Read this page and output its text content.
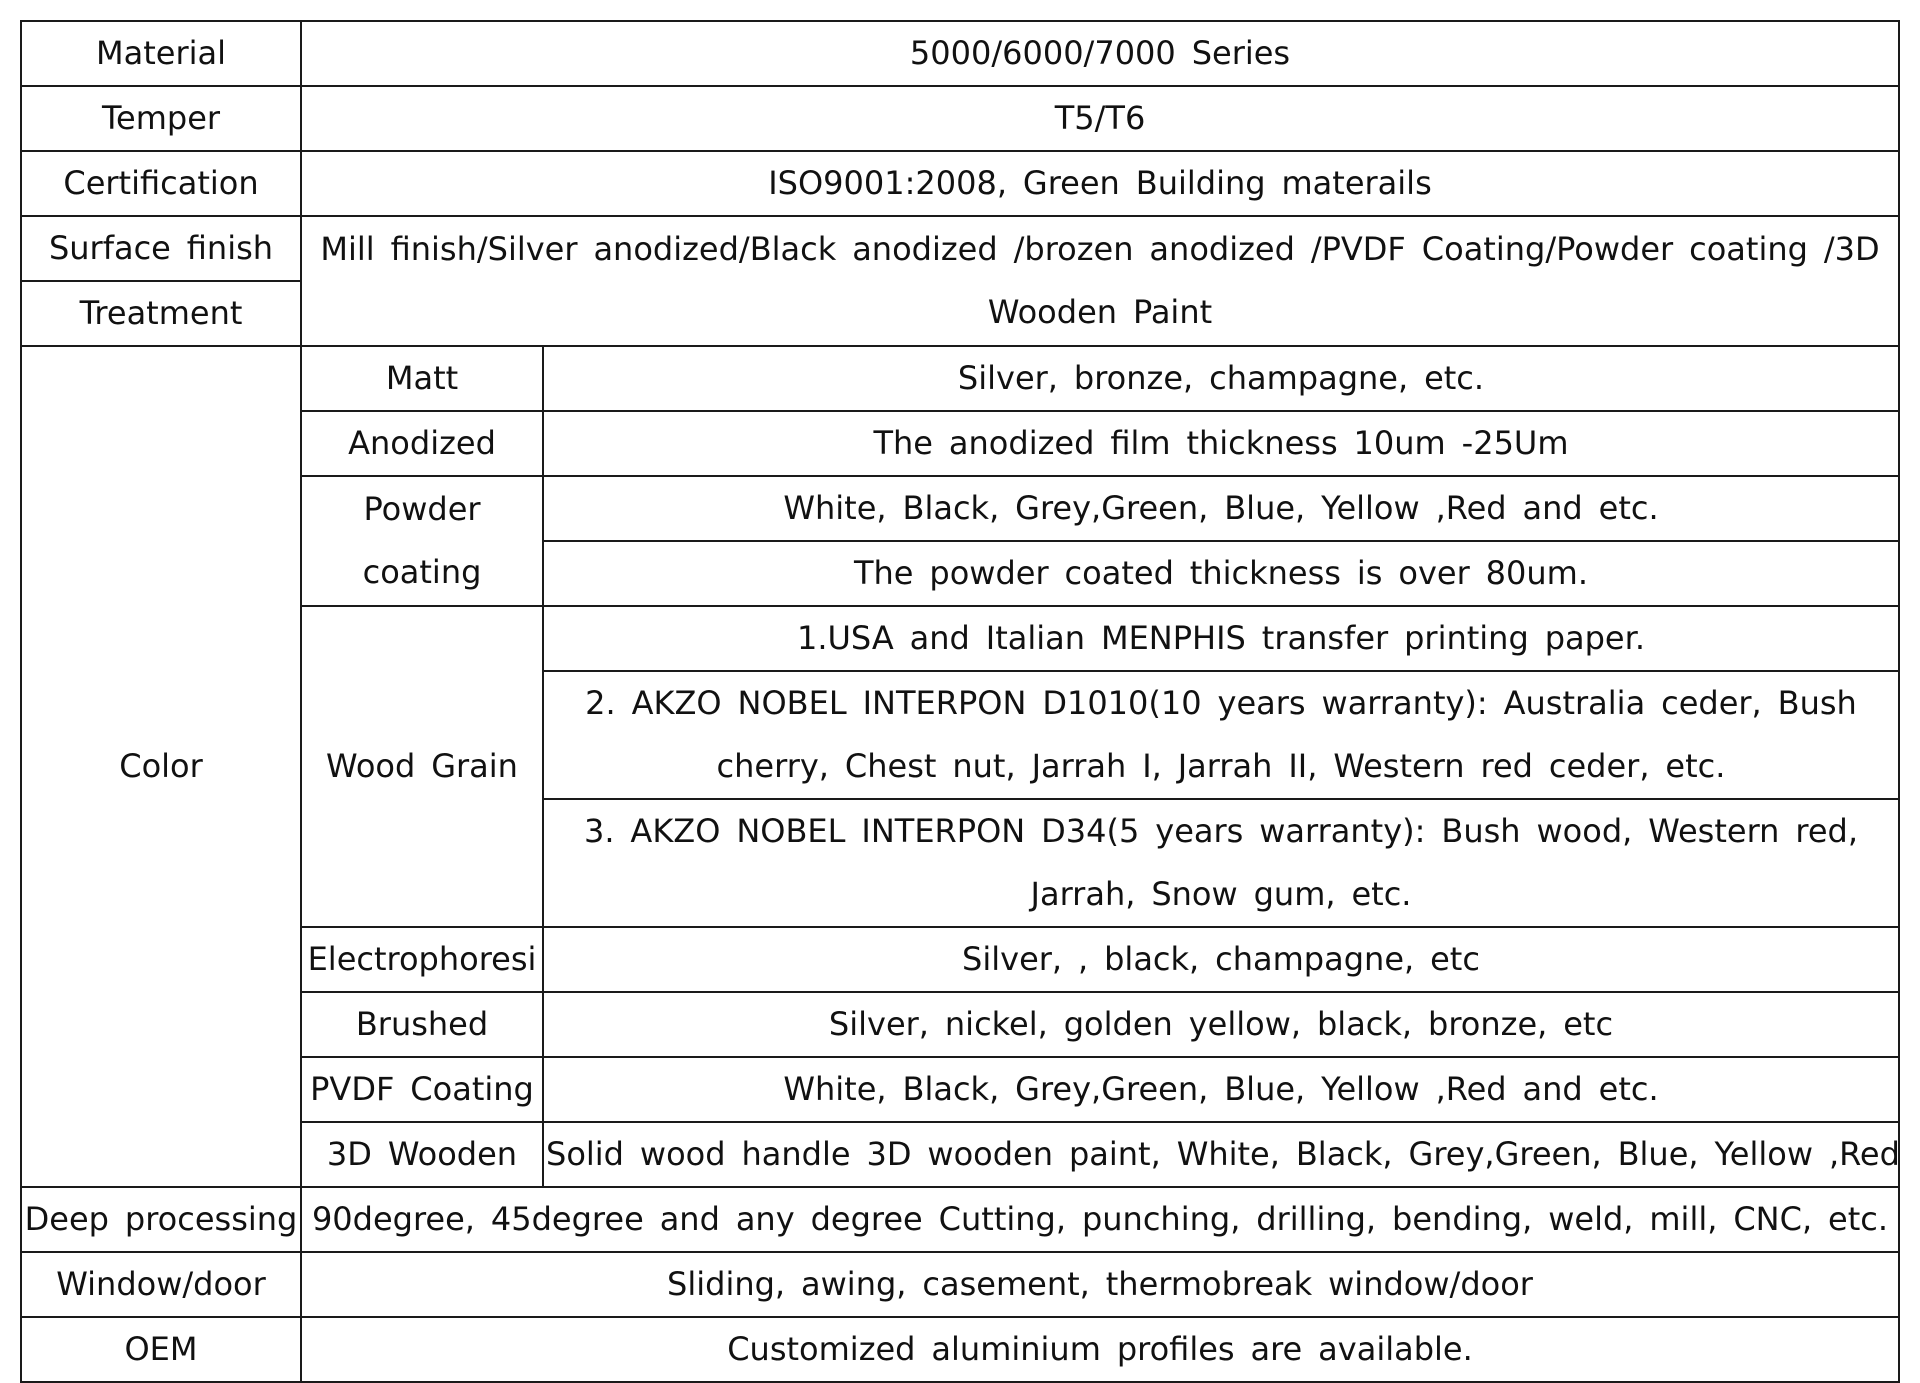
Material	5000/6000/7000 Series	
Temper	T5/T6	
Certification	ISO9001:2008, Green Building materails	
Surface finish	Mill finish/Silver anodized/Black anodized /brozen anodized /PVDF Coating/Powder coating /3D Wooden Paint	
Treatment		
Color	Matt	Silver, bronze, champagne, etc.
	Anodized	The anodized film thickness 10um -25Um
	Powder coating	White, Black, Grey,Green, Blue, Yellow ,Red and etc.
		The powder coated thickness is over 80um.
	Wood Grain	1.USA and Italian MENPHIS transfer printing paper.
		2. AKZO NOBEL INTERPON D1010(10 years warranty): Australia ceder, Bush cherry, Chest nut, Jarrah I, Jarrah II, Western red ceder, etc.

		3. AKZO NOBEL INTERPON D34(5 years warranty): Bush wood, Western red, Jarrah, Snow gum, etc.

	Electrophoresi	Silver, , black, champagne, etc
	Brushed	Silver, nickel, golden yellow, black, bronze, etc
	PVDF Coating	White, Black, Grey,Green, Blue, Yellow ,Red and etc.
	3D Wooden	Solid wood handle 3D wooden paint, White, Black, Grey,Green, Blue, Yellow ,Red
Deep processing	90degree, 45degree and any degree Cutting, punching, drilling, bending, weld, mill, CNC, etc.	
Window/door	Sliding, awing, casement, thermobreak window/door	
OEM	Customized aluminium profiles are available.	
